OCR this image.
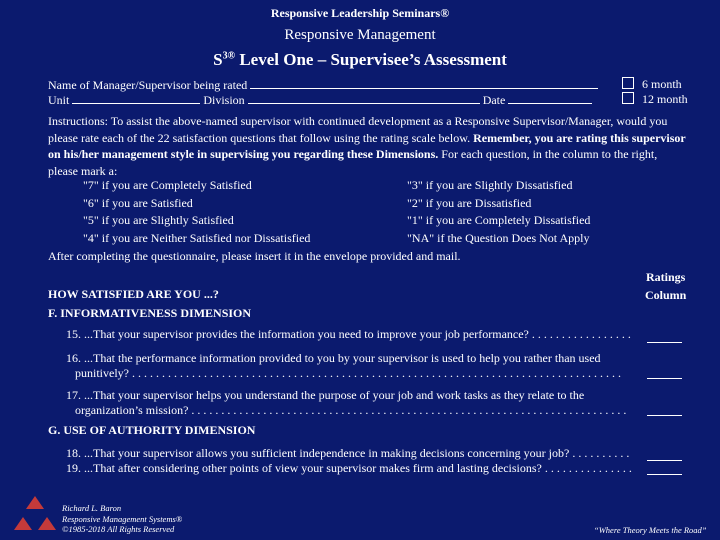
Responsive Leadership Seminars®
Responsive Management
$S^{3®}$ Level One – Supervisee’s Assessment
Name of Manager/Supervisor being rated
Unit	Division	Date
6 month
12 month
Instructions: To assist the above-named supervisor with continued development as a Responsive Supervisor/Manager, would you please rate each of the 22 satisfaction questions that follow using the rating scale below. Remember, you are rating this supervisor on his/her management style in supervising you regarding these Dimensions. For each question, in the column to the right, please mark a:
"7" if you are Completely Satisfied
"6" if you are Satisfied
"5" if you are Slightly Satisfied
"4" if you are Neither Satisfied nor Dissatisfied
"3" if you are Slightly Dissatisfied
"2" if you are Dissatisfied
"1" if you are Completely Dissatisfied
"NA" if the Question Does Not Apply
After completing the questionnaire, please insert it in the envelope provided and mail.
Ratings
Column
HOW SATISFIED ARE YOU ...?
F. INFORMATIVENESS DIMENSION
15. ...That your supervisor provides the information you need to improve your job performance? . . . . . . . . . . . . . . . . .
16. ...That the performance information provided to you by your supervisor is used to help you rather than used
punitively? . . . . . . . . . . . . . . . . . . . . . . . . . . . . . . . . . . . . . . . . . . . . . . . . . . . . . . . . . . . . . . . . . . . . . . . . . . . . . . . . . .
17. ...That your supervisor helps you understand the purpose of your job and work tasks as they relate to the
organization’s mission? . . . . . . . . . . . . . . . . . . . . . . . . . . . . . . . . . . . . . . . . . . . . . . . . . . . . . . . . . . . . . . . . . . . . . . . . .
G. USE OF AUTHORITY DIMENSION
18. ...That your supervisor allows you sufficient independence in making decisions concerning your job? . . . . . . . . . .
19. ...That after considering other points of view your supervisor makes firm and lasting decisions? . . . . . . . . . . . . . . .
Richard L. Baron
Responsive Management Systems®
©1985-2018 All Rights Reserved	“Where Theory Meets the Road”
